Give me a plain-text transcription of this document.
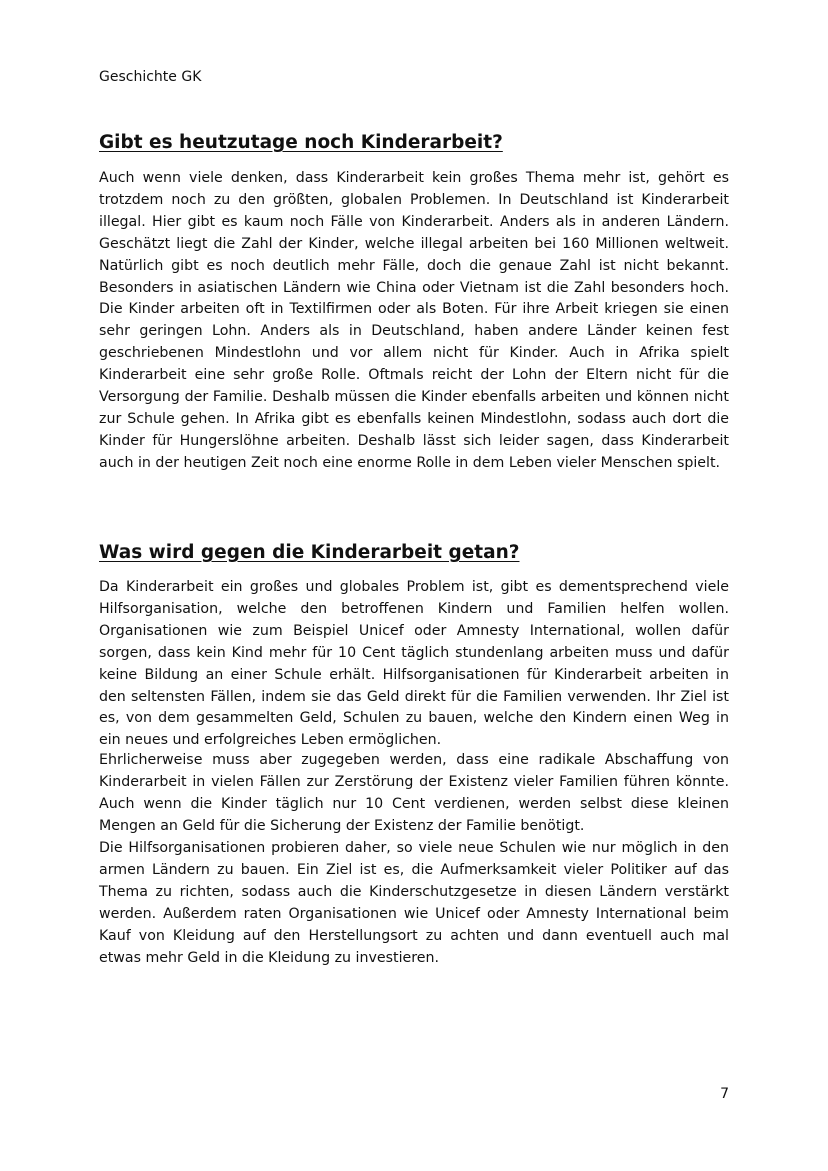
Geschichte GK
Gibt es heutzutage noch Kinderarbeit?

Auch wenn viele denken, dass Kinderarbeit kein großes Thema mehr ist, gehört es trotzdem noch zu den größten, globalen Problemen. In Deutschland ist Kinderarbeit illegal. Hier gibt es kaum noch Fälle von Kinderarbeit. Anders als in anderen Ländern. Geschätzt liegt die Zahl der Kinder, welche illegal arbeiten bei 160 Millionen weltweit. Natürlich gibt es noch deutlich mehr Fälle, doch die genaue Zahl ist nicht bekannt. Besonders in asiatischen Ländern wie China oder Vietnam ist die Zahl besonders hoch. Die Kinder arbeiten oft in Textilfirmen oder als Boten. Für ihre Arbeit kriegen sie einen sehr geringen Lohn. Anders als in Deutschland, haben andere Länder keinen fest geschriebenen Mindestlohn und vor allem nicht für Kinder. Auch in Afrika spielt Kinderarbeit eine sehr große Rolle. Oftmals reicht der Lohn der Eltern nicht für die Versorgung der Familie. Deshalb müssen die Kinder ebenfalls arbeiten und können nicht zur Schule gehen. In Afrika gibt es ebenfalls keinen Mindestlohn, sodass auch dort die Kinder für Hungerslöhne arbeiten. Deshalb lässt sich leider sagen, dass Kinderarbeit auch in der heutigen Zeit noch eine enorme Rolle in dem Leben vieler Menschen spielt.

Was wird gegen die Kinderarbeit getan?

Da Kinderarbeit ein großes und globales Problem ist, gibt es dementsprechend viele Hilfsorganisation, welche den betroffenen Kindern und Familien helfen wollen. Organisationen wie zum Beispiel Unicef oder Amnesty International, wollen dafür sorgen, dass kein Kind mehr für 10 Cent täglich stundenlang arbeiten muss und dafür keine Bildung an einer Schule erhält. Hilfsorganisationen für Kinderarbeit arbeiten in den seltensten Fällen, indem sie das Geld direkt für die Familien verwenden. Ihr Ziel ist es, von dem gesammelten Geld, Schulen zu bauen, welche den Kindern einen Weg in ein neues und erfolgreiches Leben ermöglichen.

Ehrlicherweise muss aber zugegeben werden, dass eine radikale Abschaffung von Kinderarbeit in vielen Fällen zur Zerstörung der Existenz vieler Familien führen könnte. Auch wenn die Kinder täglich nur 10 Cent verdienen, werden selbst diese kleinen Mengen an Geld für die Sicherung der Existenz der Familie benötigt.

Die Hilfsorganisationen probieren daher, so viele neue Schulen wie nur möglich in den armen Ländern zu bauen. Ein Ziel ist es, die Aufmerksamkeit vieler Politiker auf das Thema zu richten, sodass auch die Kinderschutzgesetze in diesen Ländern verstärkt werden. Außerdem raten Organisationen wie Unicef oder Amnesty International beim Kauf von Kleidung auf den Herstellungsort zu achten und dann eventuell auch mal etwas mehr Geld in die Kleidung zu investieren.

7
